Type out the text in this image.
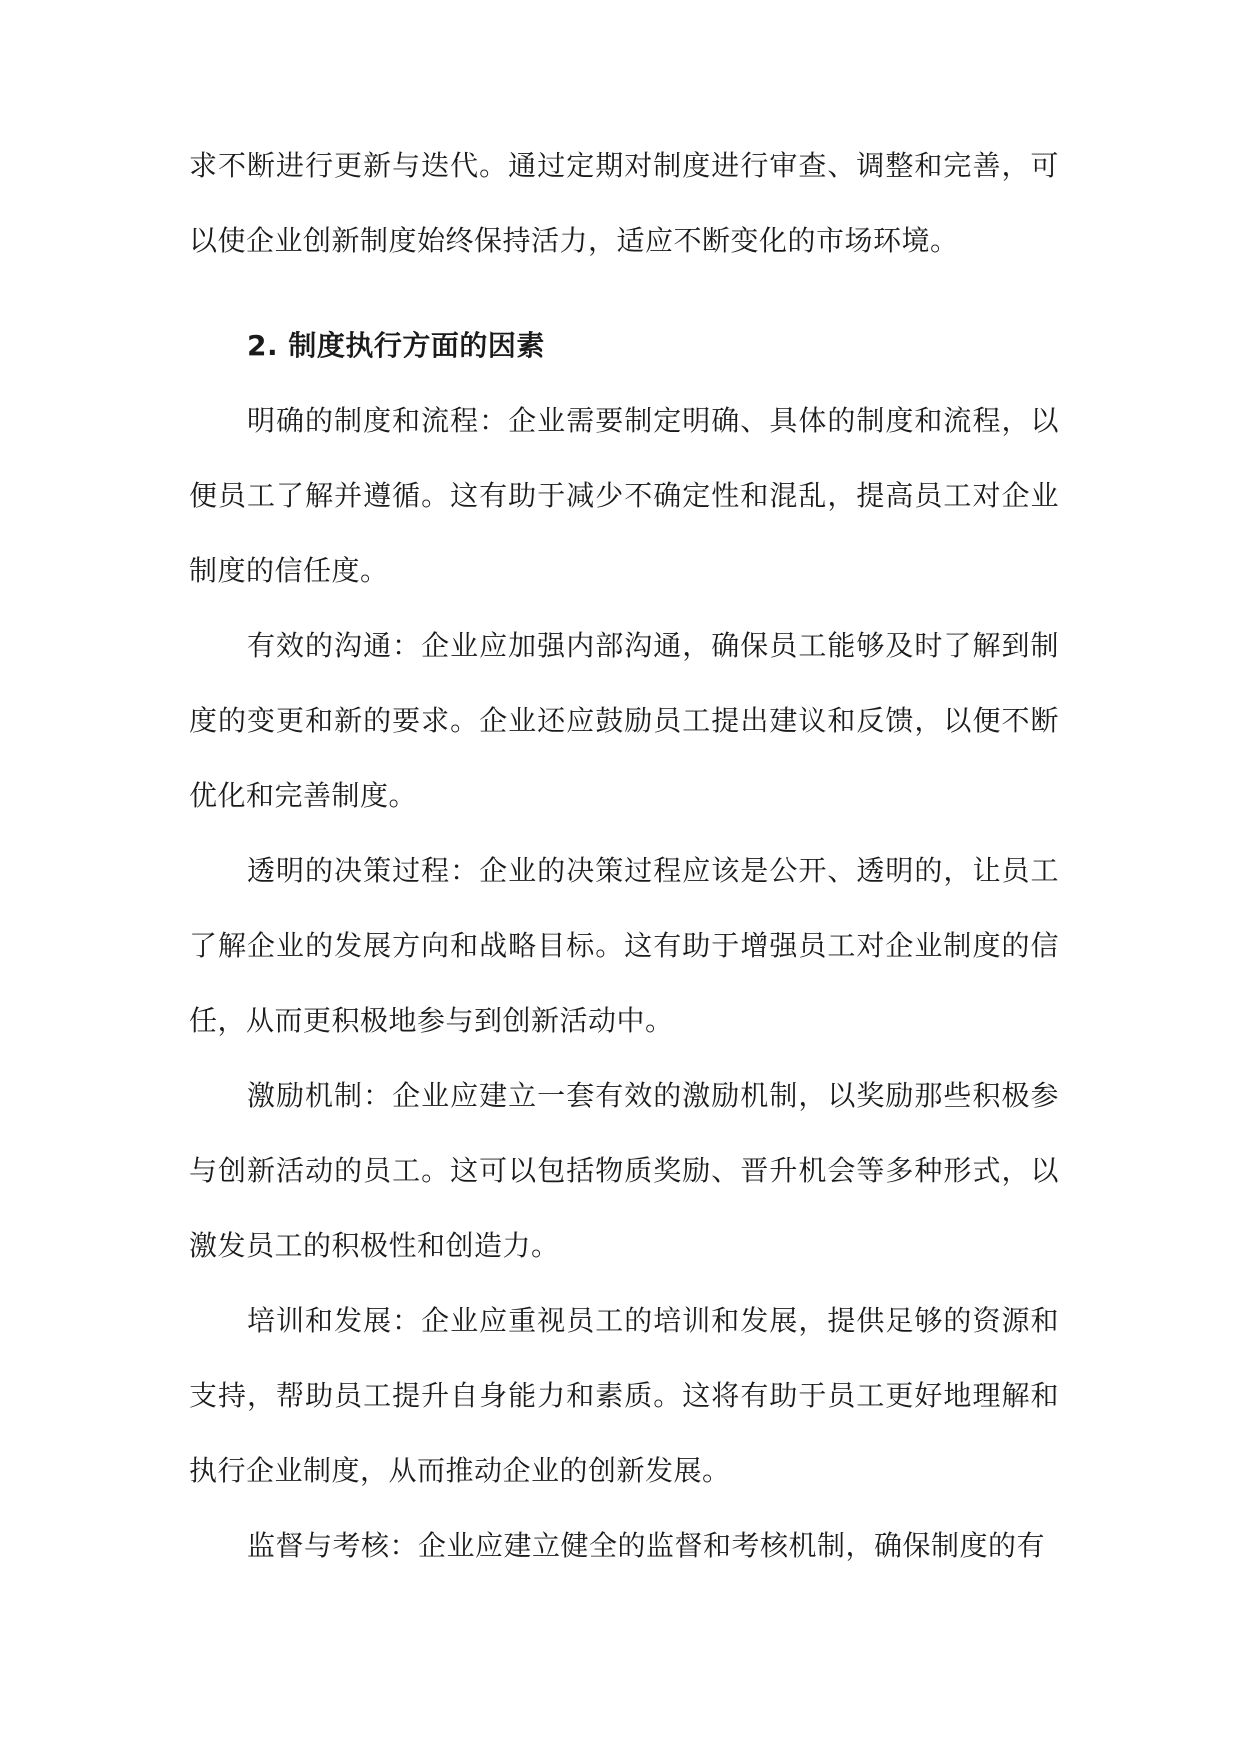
求不断进行更新与迭代。通过定期对制度进行审查、调整和完善，可以使企业创新制度始终保持活力，适应不断变化的市场环境。

2. 制度执行方面的因素

明确的制度和流程：企业需要制定明确、具体的制度和流程，以便员工了解并遵循。这有助于减少不确定性和混乱，提高员工对企业制度的信任度。

有效的沟通：企业应加强内部沟通，确保员工能够及时了解到制度的变更和新的要求。企业还应鼓励员工提出建议和反馈，以便不断优化和完善制度。

透明的决策过程：企业的决策过程应该是公开、透明的，让员工了解企业的发展方向和战略目标。这有助于增强员工对企业制度的信任，从而更积极地参与到创新活动中。

激励机制：企业应建立一套有效的激励机制，以奖励那些积极参与创新活动的员工。这可以包括物质奖励、晋升机会等多种形式，以激发员工的积极性和创造力。

培训和发展：企业应重视员工的培训和发展，提供足够的资源和支持，帮助员工提升自身能力和素质。这将有助于员工更好地理解和执行企业制度，从而推动企业的创新发展。

监督与考核：企业应建立健全的监督和考核机制，确保制度的有
